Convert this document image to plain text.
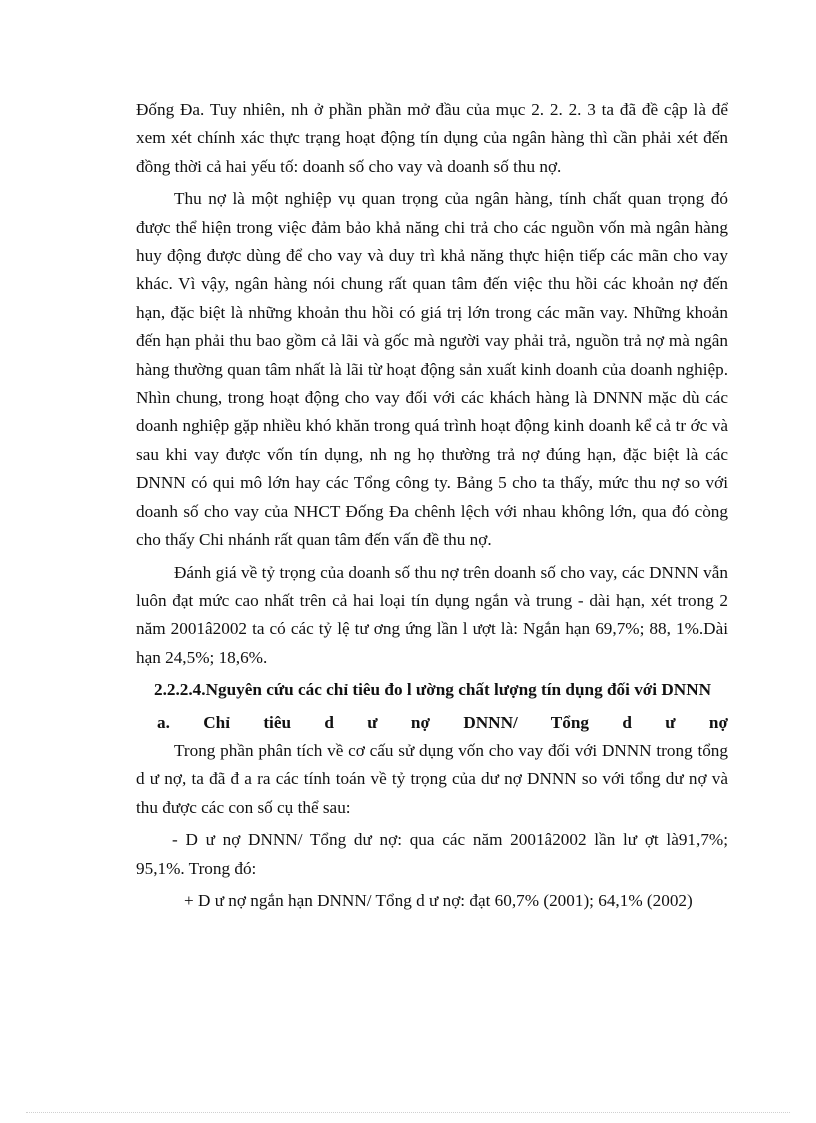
Đống Đa. Tuy nhiên, nh ở phần phần mở đầu của mục 2. 2. 2. 3 ta đã đề cập là để xem xét chính xác thực trạng hoạt động tín dụng của ngân hàng thì cần phải xét đến đồng thời cả hai yếu tố: doanh số cho vay và doanh số thu nợ.

Thu nợ là một nghiệp vụ quan trọng của ngân hàng, tính chất quan trọng đó được thể hiện trong việc đảm bảo khả năng chi trả cho các nguồn vốn mà ngân hàng huy động được dùng để cho vay và duy trì khả năng thực hiện tiếp các mãn cho vay khác. Vì vậy, ngân hàng nói chung rất quan tâm đến việc thu hồi các khoản nợ đến hạn, đặc biệt là những khoản thu hồi có giá trị lớn trong các mãn vay. Những khoản đến hạn phải thu bao gồm cả lãi và gốc mà người vay phải trả, nguồn trả nợ mà ngân hàng thường quan tâm nhất là lãi từ hoạt động sản xuất kinh doanh của doanh nghiệp. Nhìn chung, trong hoạt động cho vay đối với các khách hàng là DNNN mặc dù các doanh nghiệp gặp nhiều khó khăn trong quá trình hoạt động kinh doanh kể cả tr ớc và sau khi vay được vốn tín dụng, nh ng họ thường trả nợ đúng hạn, đặc biệt là các DNNN có qui mô lớn hay các Tổng công ty. Bảng 5 cho ta thấy, mức thu nợ so với doanh số cho vay của NHCT Đống Đa chênh lệch với nhau không lớn, qua đó còng cho thấy Chi nhánh rất quan tâm đến vấn đề thu nợ.

Đánh giá về tỷ trọng của doanh số thu nợ trên doanh số cho vay, các DNNN vẫn luôn đạt mức cao nhất trên cả hai loại tín dụng ngắn và trung - dài hạn, xét trong 2 năm 2001â2002 ta có các tỷ lệ tư ơng ứng lần l ượt là: Ngắn hạn 69,7%; 88, 1%.Dài hạn 24,5%; 18,6%.

2.2.2.4.Nguyên cứu các chỉ tiêu đo l ường chất lượng tín dụng đối với DNNN

a. Chỉ tiêu d ư nợ DNNN/ Tổng d ư nợ

Trong phần phân tích về cơ cấu sử dụng vốn cho vay đối với DNNN trong tổng d ư nợ, ta đã đ a ra các tính toán về tỷ trọng của dư nợ DNNN so với tổng dư nợ và thu được các con số cụ thể sau:

- D ư nợ DNNN/ Tổng dư nợ: qua các năm 2001â2002 lần lư ợt là91,7%; 95,1%. Trong đó:

+ D ư nợ ngắn hạn DNNN/ Tổng d ư nợ: đạt 60,7% (2001); 64,1% (2002)
